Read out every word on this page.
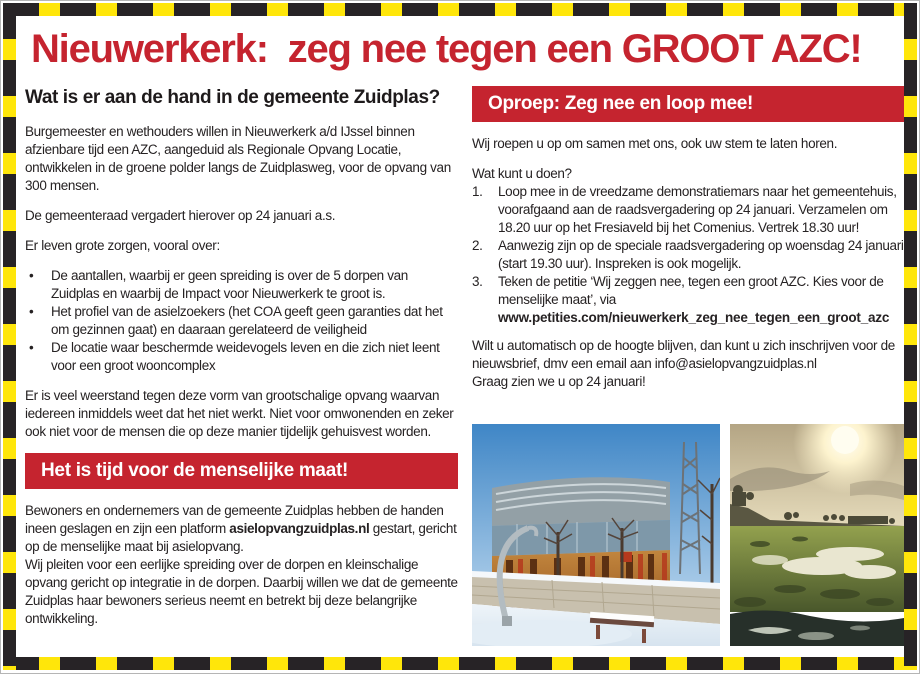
Nieuwerkerk:  zeg nee tegen een GROOT AZC!
Wat is er aan de hand in de gemeente Zuidplas?

Burgemeester en wethouders willen in Nieuwerkerk a/d IJssel binnen afzienbare tijd een AZC, aangeduid als Regionale Opvang Locatie, ontwikkelen in de groene polder langs de Zuidplasweg, voor de opvang van 300 mensen.

De gemeenteraad vergadert hierover op 24 januari a.s.

Er leven grote zorgen, vooral over:

•	De aantallen, waarbij er geen spreiding is over de 5 dorpen van Zuidplas en waarbij de Impact voor Nieuwerkerk te groot is.
•	Het profiel van de asielzoekers (het COA geeft geen garanties dat het om gezinnen gaat) en daaraan gerelateerd de veiligheid
•	De locatie waar beschermde weidevogels leven en die zich niet leent voor een groot wooncomplex

Er is veel weerstand tegen deze vorm van grootschalige opvang waarvan iedereen inmiddels weet dat het niet werkt. Niet voor omwonenden en zeker ook niet voor de mensen die op deze manier tijdelijk gehuisvest worden.

Het is tijd voor de menselijke maat!

Bewoners en ondernemers van de gemeente Zuidplas hebben de handen ineen geslagen en zijn een platform asielopvangzuidplas.nl gestart, gericht op de menselijke maat bij asielopvang.

Wij pleiten voor een eerlijke spreiding over de dorpen en kleinschalige opvang gericht op integratie in de dorpen. Daarbij willen we dat de gemeente Zuidplas haar bewoners serieus neemt en betrekt bij deze belangrijke ontwikkeling.

Oproep: Zeg nee en loop mee!

Wij roepen u op om samen met ons, ook uw stem te laten horen.

Wat kunt u doen?

1.	Loop mee in de vreedzame demonstratiemars naar het gemeentehuis, voorafgaand aan de raadsvergadering op 24 januari. Verzamelen om 18.20 uur op het Fresiaveld bij het Comenius. Vertrek 18.30 uur!
2.	Aanwezig zijn op de speciale raadsvergadering op woensdag 24 januari (start 19.30 uur). Inspreken is ook mogelijk.
3.	Teken de petitie ‘Wij zeggen nee, tegen een groot AZC. Kies voor de menselijke maat’, via
www.petities.com/nieuwerkerk_zeg_nee_tegen_een_groot_azc

Wilt u automatisch op de hoogte blijven, dan kunt u zich inschrijven voor de nieuwsbrief, dmv een email aan info@asielopvangzuidplas.nl

Graag zien we u op 24 januari!
